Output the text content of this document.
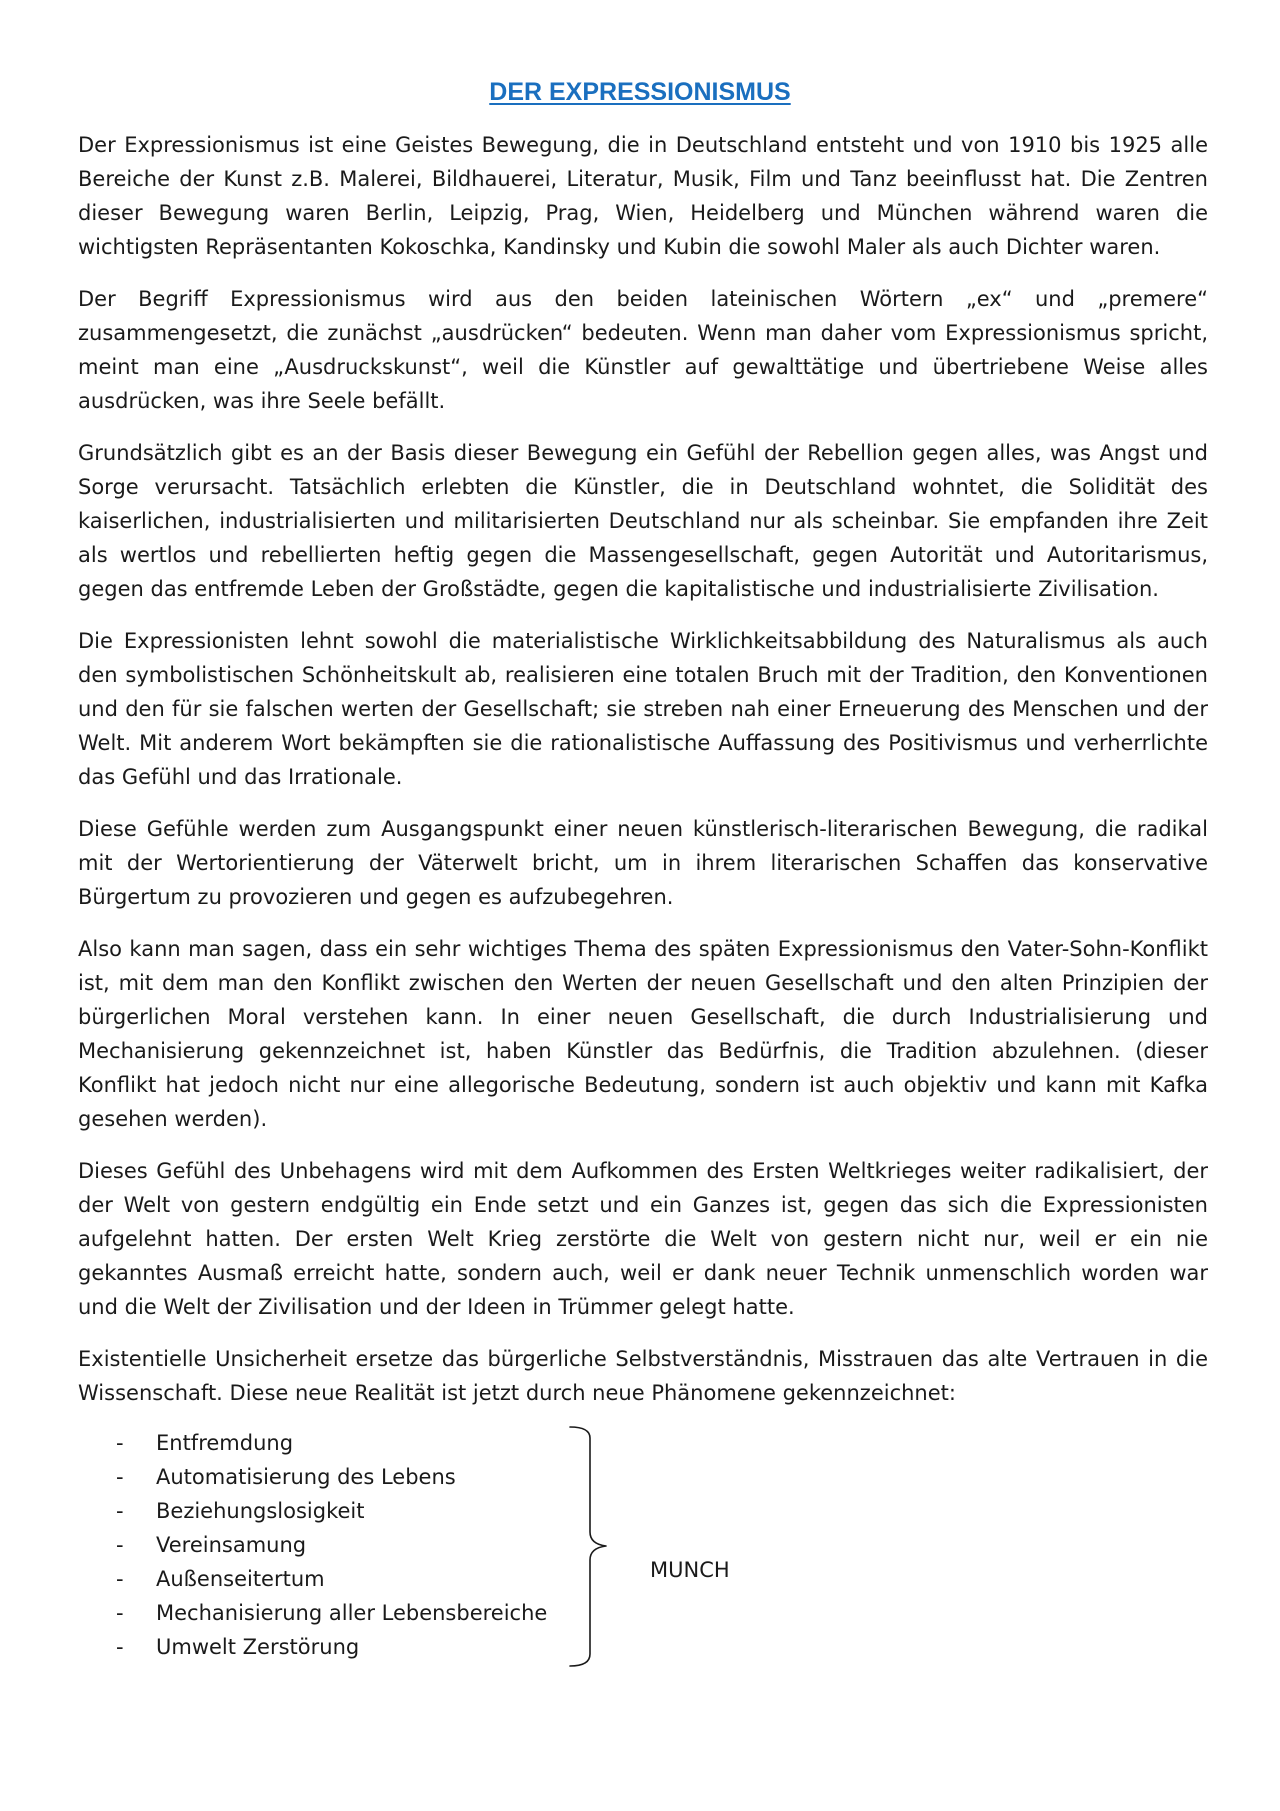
DER EXPRESSIONISMUS

Der Expressionismus ist eine Geistes Bewegung, die in Deutschland entsteht und von 1910 bis 1925 alle Bereiche der Kunst z.B. Malerei, Bildhauerei, Literatur, Musik, Film und Tanz beeinflusst hat. Die Zentren dieser Bewegung waren Berlin, Leipzig, Prag, Wien, Heidelberg und München während waren die wichtigsten Repräsentanten Kokoschka, Kandinsky und Kubin die sowohl Maler als auch Dichter waren.

Der Begriff Expressionismus wird aus den beiden lateinischen Wörtern „ex“ und „premere“ zusammengesetzt, die zunächst „ausdrücken“ bedeuten. Wenn man daher vom Expressionismus spricht, meint man eine „Ausdruckskunst“, weil die Künstler auf gewalttätige und übertriebene Weise alles ausdrücken, was ihre Seele befällt.

Grundsätzlich gibt es an der Basis dieser Bewegung ein Gefühl der Rebellion gegen alles, was Angst und Sorge verursacht. Tatsächlich erlebten die Künstler, die in Deutschland wohntet, die Solidität des kaiserlichen, industrialisierten und militarisierten Deutschland nur als scheinbar. Sie empfanden ihre Zeit als wertlos und rebellierten heftig gegen die Massengesellschaft, gegen Autorität und Autoritarismus, gegen das entfremde Leben der Großstädte, gegen die kapitalistische und industrialisierte Zivilisation.

Die Expressionisten lehnt sowohl die materialistische Wirklichkeitsabbildung des Naturalismus als auch den symbolistischen Schönheitskult ab, realisieren eine totalen Bruch mit der Tradition, den Konventionen und den für sie falschen werten der Gesellschaft; sie streben nah einer Erneuerung des Menschen und der Welt. Mit anderem Wort bekämpften sie die rationalistische Auffassung des Positivismus und verherrlichte das Gefühl und das Irrationale.

Diese Gefühle werden zum Ausgangspunkt einer neuen künstlerisch-literarischen Bewegung, die radikal mit der Wertorientierung der Väterwelt bricht, um in ihrem literarischen Schaffen das konservative Bürgertum zu provozieren und gegen es aufzubegehren.

Also kann man sagen, dass ein sehr wichtiges Thema des späten Expressionismus den Vater-Sohn-Konflikt ist, mit dem man den Konflikt zwischen den Werten der neuen Gesellschaft und den alten Prinzipien der bürgerlichen Moral verstehen kann. In einer neuen Gesellschaft, die durch Industrialisierung und Mechanisierung gekennzeichnet ist, haben Künstler das Bedürfnis, die Tradition abzulehnen. (dieser Konflikt hat jedoch nicht nur eine allegorische Bedeutung, sondern ist auch objektiv und kann mit Kafka gesehen werden).

Dieses Gefühl des Unbehagens wird mit dem Aufkommen des Ersten Weltkrieges weiter radikalisiert, der der Welt von gestern endgültig ein Ende setzt und ein Ganzes ist, gegen das sich die Expressionisten aufgelehnt hatten. Der ersten Welt Krieg zerstörte die Welt von gestern nicht nur, weil er ein nie gekanntes Ausmaß erreicht hatte, sondern auch, weil er dank neuer Technik unmenschlich worden war und die Welt der Zivilisation und der Ideen in Trümmer gelegt hatte.

Existentielle Unsicherheit ersetze das bürgerliche Selbstverständnis, Misstrauen das alte Vertrauen in die Wissenschaft. Diese neue Realität ist jetzt durch neue Phänomene gekennzeichnet:

- Entfremdung
- Automatisierung des Lebens
- Beziehungslosigkeit
- Vereinsamung
- Außenseitertum
- Mechanisierung aller Lebensbereiche
- Umwelt Zerstörung
MUNCH
